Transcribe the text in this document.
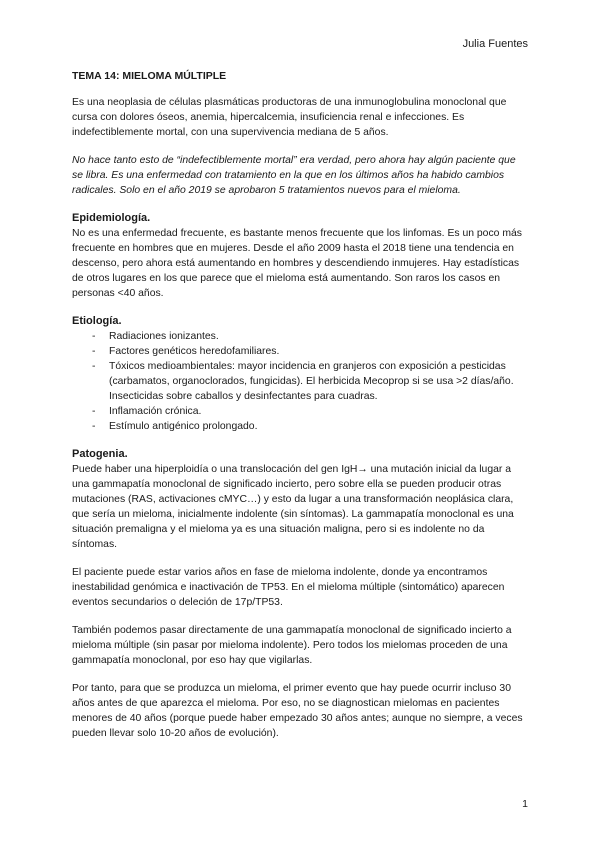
Julia Fuentes
TEMA 14: MIELOMA MÚLTIPLE

Es una neoplasia de células plasmáticas productoras de una inmunoglobulina monoclonal que cursa con dolores óseos, anemia, hipercalcemia, insuficiencia renal e infecciones. Es indefectiblemente mortal, con una supervivencia mediana de 5 años.

No hace tanto esto de “indefectiblemente mortal” era verdad, pero ahora hay algún paciente que se libra. Es una enfermedad con tratamiento en la que en los últimos años ha habido cambios radicales. Solo en el año 2019 se aprobaron 5 tratamientos nuevos para el mieloma.

Epidemiología.

No es una enfermedad frecuente, es bastante menos frecuente que los linfomas. Es un poco más frecuente en hombres que en mujeres. Desde el año 2009 hasta el 2018 tiene una tendencia en descenso, pero ahora está aumentando en hombres y descendiendo inmujeres. Hay estadísticas de otros lugares en los que parece que el mieloma está aumentando. Son raros los casos en personas <40 años.

Etiología.
- Radiaciones ionizantes.
- Factores genéticos heredofamiliares.
- Tóxicos medioambientales: mayor incidencia en granjeros con exposición a pesticidas (carbamatos, organoclorados, fungicidas). El herbicida Mecoprop si se usa >2 días/año. Insecticidas sobre caballos y desinfectantes para cuadras.
- Inflamación crónica.
- Estímulo antigénico prolongado.
Patogenia.

Puede haber una hiperploidía o una translocación del gen IgH→ una mutación inicial da lugar a una gammapatía monoclonal de significado incierto, pero sobre ella se pueden producir otras mutaciones (RAS, activaciones cMYC…) y esto da lugar a una transformación neoplásica clara, que sería un mieloma, inicialmente indolente (sin síntomas). La gammapatía monoclonal es una situación premaligna y el mieloma ya es una situación maligna, pero si es indolente no da síntomas.

El paciente puede estar varios años en fase de mieloma indolente, donde ya encontramos inestabilidad genómica e inactivación de TP53. En el mieloma múltiple (sintomático) aparecen eventos secundarios o deleción de 17p/TP53.

También podemos pasar directamente de una gammapatía monoclonal de significado incierto a mieloma múltiple (sin pasar por mieloma indolente). Pero todos los mielomas proceden de una gammapatía monoclonal, por eso hay que vigilarlas.

Por tanto, para que se produzca un mieloma, el primer evento que hay puede ocurrir incluso 30 años antes de que aparezca el mieloma. Por eso, no se diagnostican mielomas en pacientes menores de 40 años (porque puede haber empezado 30 años antes; aunque no siempre, a veces pueden llevar solo 10-20 años de evolución).

1
